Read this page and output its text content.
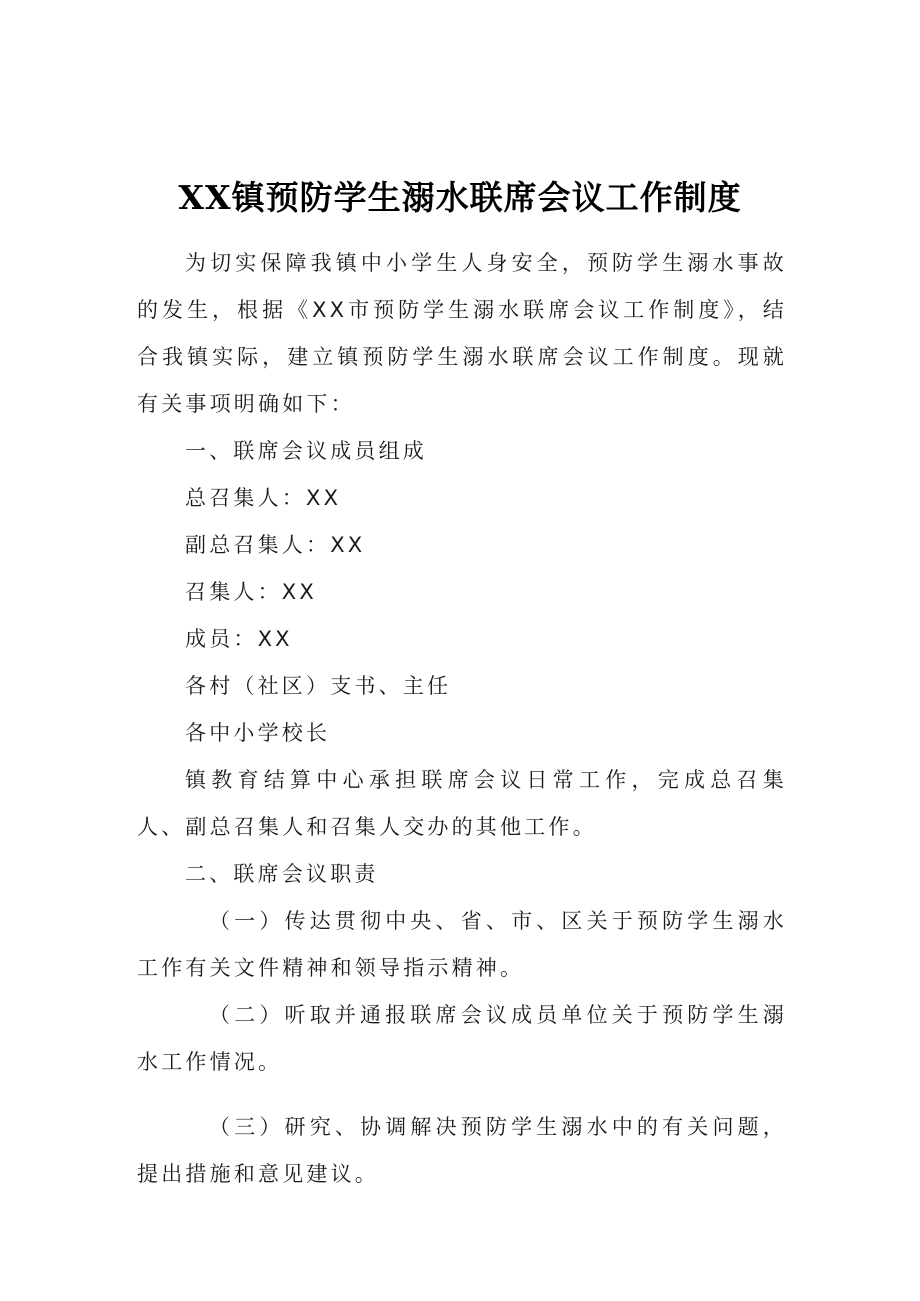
XX镇预防学生溺水联席会议工作制度

为切实保障我镇中小学生人身安全，预防学生溺水事故的发生，根据《XX市预防学生溺水联席会议工作制度》，结合我镇实际，建立镇预防学生溺水联席会议工作制度。现就有关事项明确如下：

一、联席会议成员组成

总召集人：XX

副总召集人：XX

召集人：XX

成员：XX

各村（社区）支书、主任

各中小学校长

镇教育结算中心承担联席会议日常工作，完成总召集人、副总召集人和召集人交办的其他工作。

二、联席会议职责

（一）传达贯彻中央、省、市、区关于预防学生溺水工作有关文件精神和领导指示精神。

（二）听取并通报联席会议成员单位关于预防学生溺水工作情况。

（三）研究、协调解决预防学生溺水中的有关问题，提出措施和意见建议。
